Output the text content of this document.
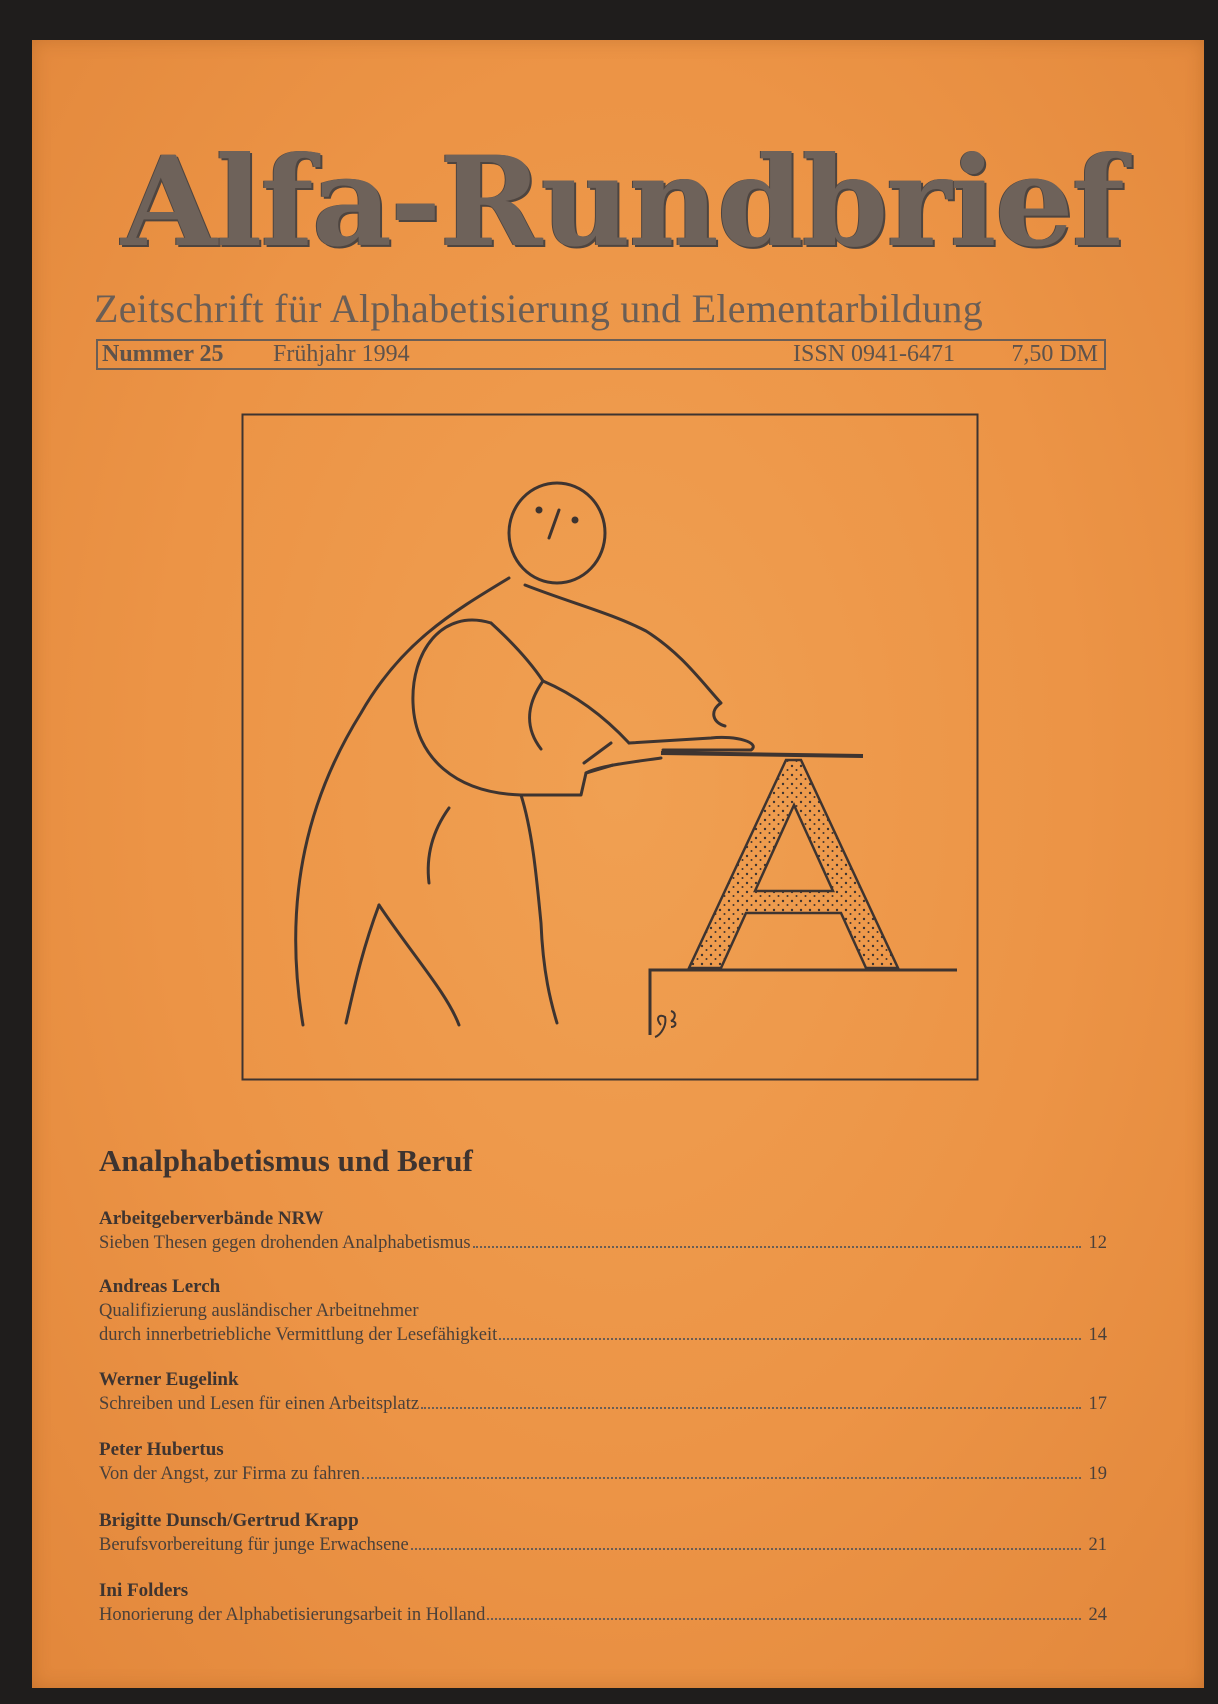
Alfa-Rundbrief

Zeitschrift für Alphabetisierung und Elementarbildung

Nummer 25 Frühjahr 1994	ISSN 0941-6471 7,50 DM
Analphabetismus und Beruf
Arbeitgeberverbände NRW
Sieben Thesen gegen drohenden Analphabetismus	12
Andreas Lerch
Qualifizierung ausländischer Arbeitnehmer
durch innerbetriebliche Vermittlung der Lesefähigkeit	14
Werner Eugelink
Schreiben und Lesen für einen Arbeitsplatz	17
Peter Hubertus
Von der Angst, zur Firma zu fahren	19
Brigitte Dunsch/Gertrud Krapp
Berufsvorbereitung für junge Erwachsene	21
Ini Folders
Honorierung der Alphabetisierungsarbeit in Holland	24
